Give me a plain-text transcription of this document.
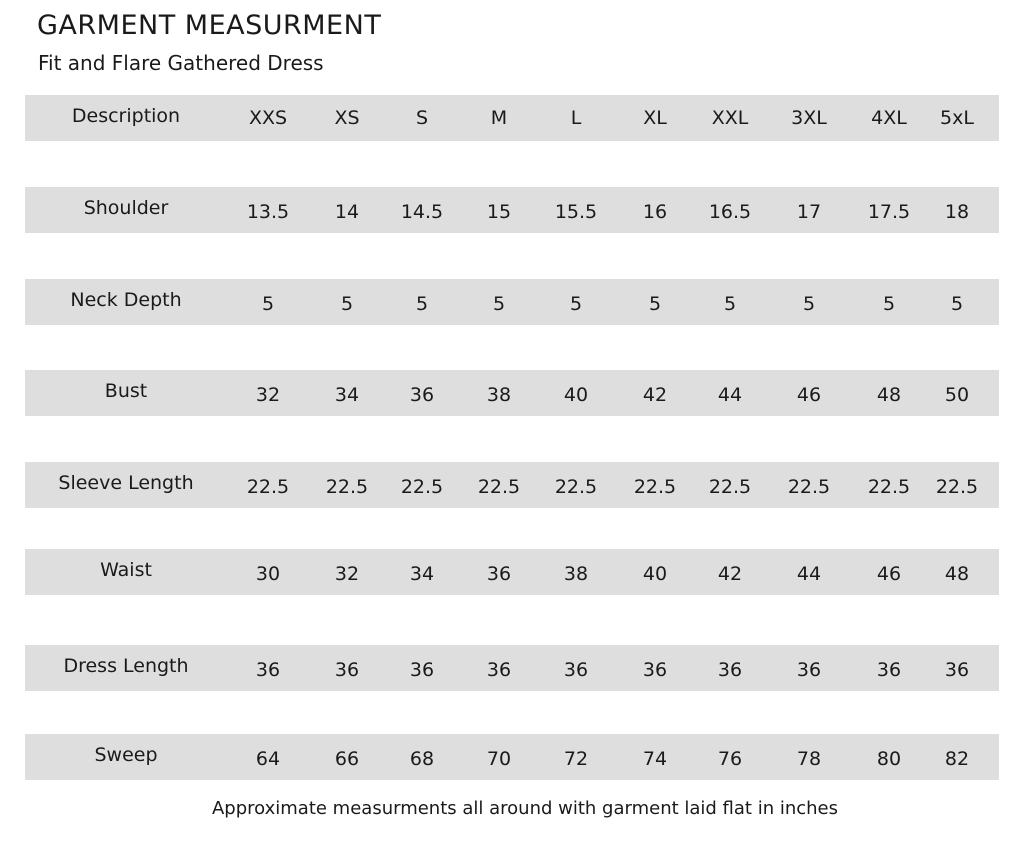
GARMENT MEASURMENT
Fit and Flare Gathered Dress
Description	XXS XS	S	M	L	XL XXL 3XL 4XL 5xL
Shoulder	13.5 14 14.5 15 15.5 16 16.5 17 17.5 18
Neck Depth	5	5	5	5	5	5	5	5	5	5
Bust	32	34	36	38	40	42	44	46	48 50
Sleeve Length	22.5 22.5 22.5 22.5 22.5 22.5 22.5 22.5 22.5 22.5
Waist	30	32	34	36	38	40	42	44	46 48
Dress Length	36	36	36	36	36	36	36	36	36 36
Sweep	64	66	68	70	72	74	76	78	80 82
Approximate measurments all around with garment laid flat in inches
